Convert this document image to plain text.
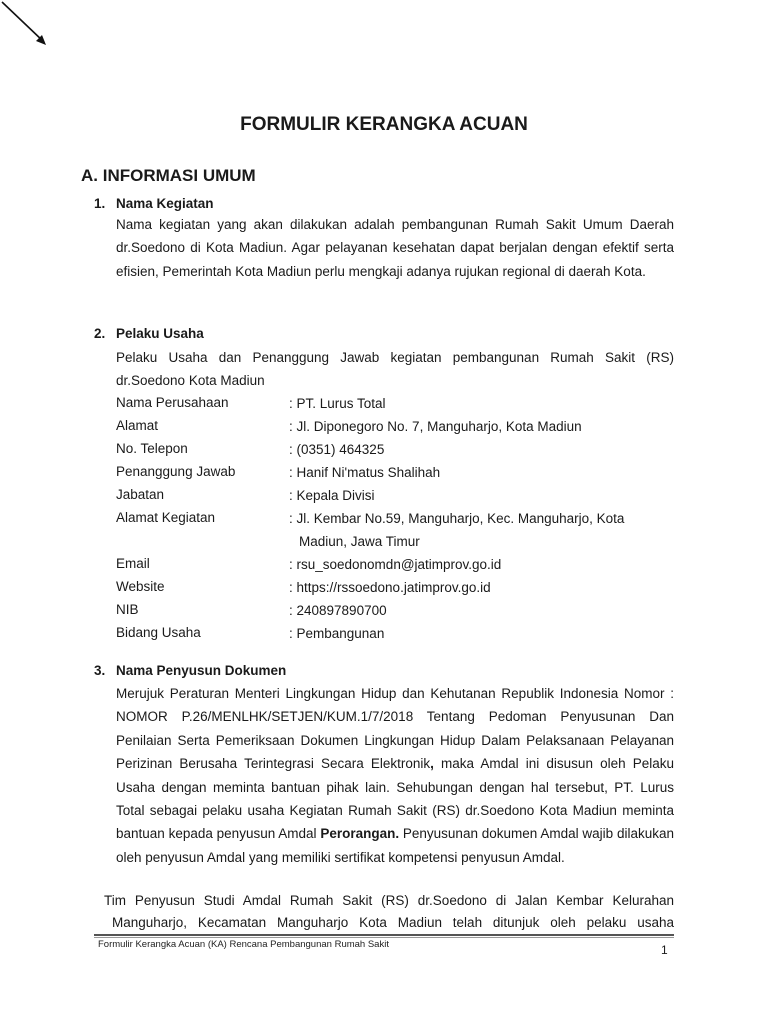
FORMULIR KERANGKA ACUAN
A. INFORMASI UMUM
1. Nama Kegiatan

Nama kegiatan yang akan dilakukan adalah pembangunan Rumah Sakit Umum Daerah dr.Soedono di Kota Madiun. Agar pelayanan kesehatan dapat berjalan dengan efektif serta efisien, Pemerintah Kota Madiun perlu mengkaji adanya rujukan regional di daerah Kota.

2. Pelaku Usaha

Pelaku Usaha dan Penanggung Jawab kegiatan pembangunan Rumah Sakit (RS) dr.Soedono Kota Madiun

Nama Perusahaan	: PT. Lurus Total
Alamat	: Jl. Diponegoro No. 7, Manguharjo, Kota Madiun
No. Telepon	: (0351) 464325
Penanggung Jawab	: Hanif Ni'matus Shalihah
Jabatan	: Kepala Divisi
Alamat Kegiatan	: Jl. Kembar No.59, Manguharjo, Kec. Manguharjo, Kota
Madiun, Jawa Timur
Email	: rsu_soedonomdn@jatimprov.go.id
Website	: https://rssoedono.jatimprov.go.id
NIB	: 240897890700
Bidang Usaha	: Pembangunan
3. Nama Penyusun Dokumen

Merujuk Peraturan Menteri Lingkungan Hidup dan Kehutanan Republik Indonesia Nomor : NOMOR P.26/MENLHK/SETJEN/KUM.1/7/2018 Tentang Pedoman Penyusunan Dan Penilaian Serta Pemeriksaan Dokumen Lingkungan Hidup Dalam Pelaksanaan Pelayanan Perizinan Berusaha Terintegrasi Secara Elektronik, maka Amdal ini disusun oleh Pelaku Usaha dengan meminta bantuan pihak lain. Sehubungan dengan hal tersebut, PT. Lurus Total sebagai pelaku usaha Kegiatan Rumah Sakit (RS) dr.Soedono Kota Madiun meminta bantuan kepada penyusun Amdal Perorangan. Penyusunan dokumen Amdal wajib dilakukan oleh penyusun Amdal yang memiliki sertifikat kompetensi penyusun Amdal.

Tim Penyusun Studi Amdal Rumah Sakit (RS) dr.Soedono di Jalan Kembar Kelurahan
Manguharjo, Kecamatan Manguharjo Kota Madiun telah ditunjuk oleh pelaku usaha
Formulir Kerangka Acuan (KA) Rencana Pembangunan Rumah Sakit	1
